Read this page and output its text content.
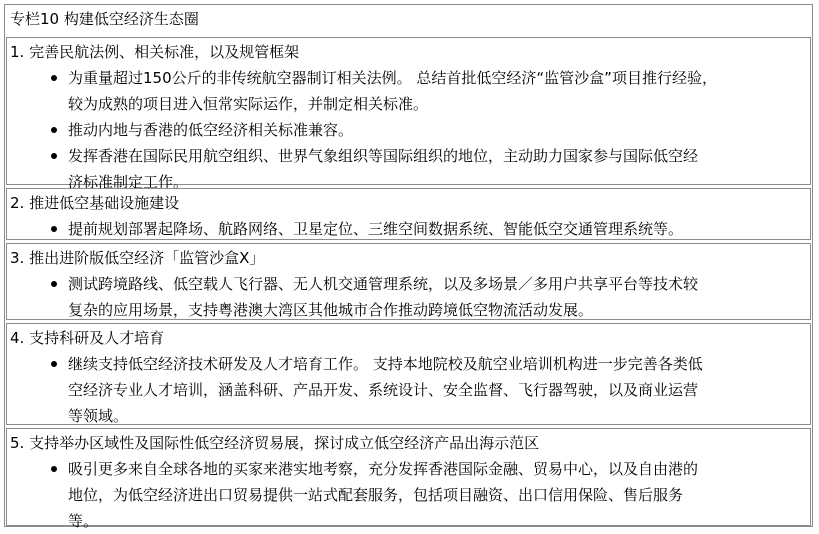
专栏10 构建低空经济生态圈
1. 完善民航法例、相关标准，以及规管框架
为重量超过150公斤的非传统航空器制订相关法例。 总结首批低空经济“监管沙盒”项目推行经验，
较为成熟的项目进入恒常实际运作，并制定相关标准。
推动内地与香港的低空经济相关标准兼容。
发挥香港在国际民用航空组织、世界气象组织等国际组织的地位，主动助力国家参与国际低空经
济标准制定工作。
2. 推进低空基础设施建设
提前规划部署起降场、航路网络、卫星定位、三维空间数据系统、智能低空交通管理系统等。
3. 推出进阶版低空经济「监管沙盒X」
测试跨境路线、低空载人飞行器、无人机交通管理系统，以及多场景／多用户共享平台等技术较
复杂的应用场景，支持粤港澳大湾区其他城市合作推动跨境低空物流活动发展。
4. 支持科研及人才培育
继续支持低空经济技术研发及人才培育工作。 支持本地院校及航空业培训机构进一步完善各类低
空经济专业人才培训，涵盖科研、产品开发、系统设计、安全监督、飞行器驾驶，以及商业运营
等领域。
5. 支持举办区域性及国际性低空经济贸易展，探讨成立低空经济产品出海示范区
吸引更多来自全球各地的买家来港实地考察，充分发挥香港国际金融、贸易中心，以及自由港的
地位，为低空经济进出口贸易提供一站式配套服务，包括项目融资、出口信用保险、售后服务
等。
